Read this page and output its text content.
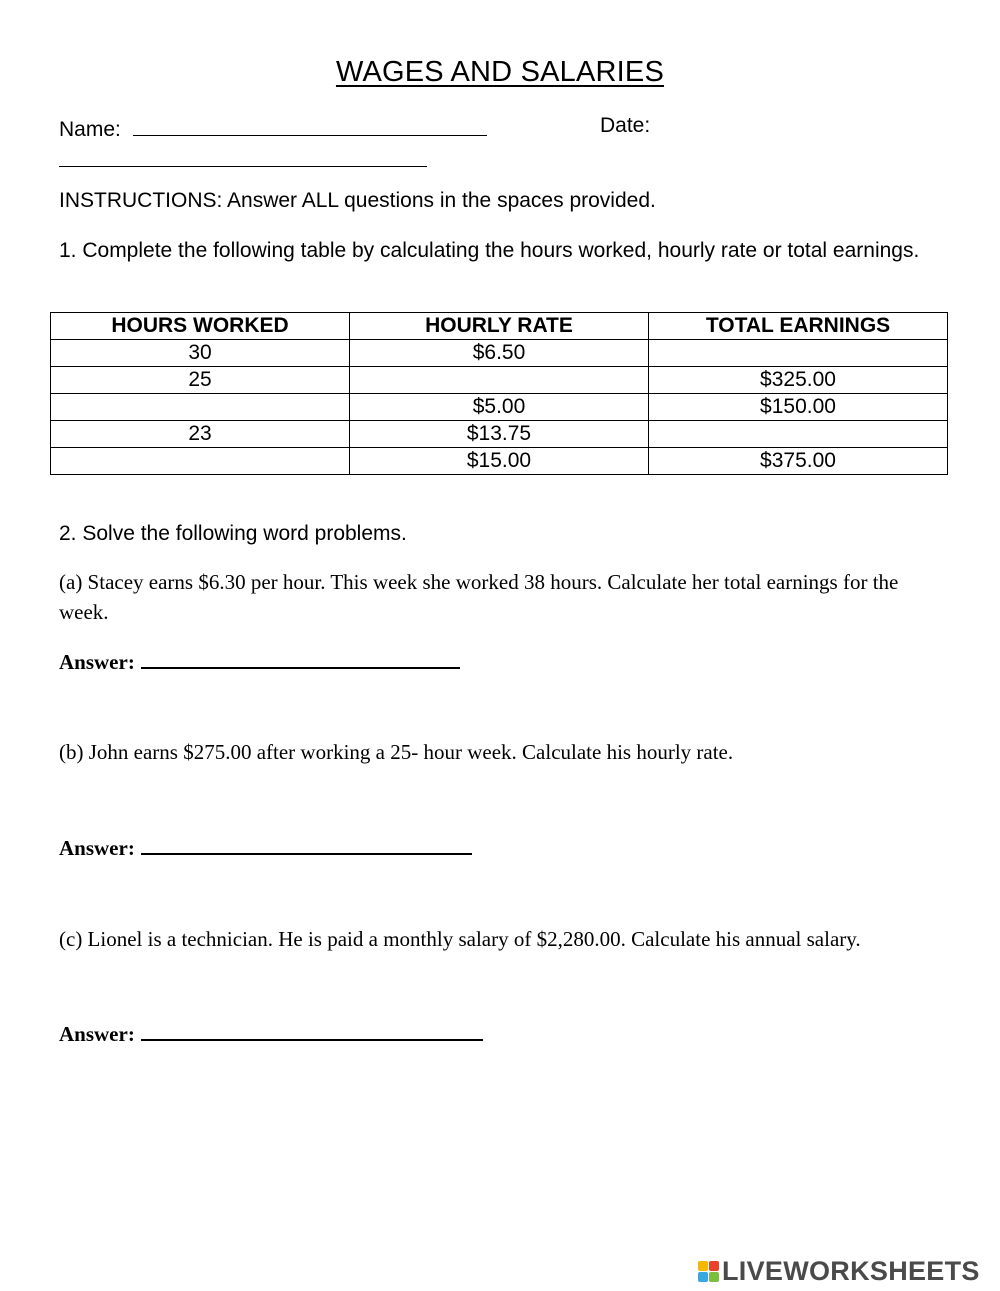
WAGES AND SALARIES
Name:	Date:
INSTRUCTIONS: Answer ALL questions in the spaces provided.
1. Complete the following table by calculating the hours worked, hourly rate or total earnings.
HOURS WORKED	HOURLY RATE	TOTAL EARNINGS
30	$6.50	
25		$325.00
	$5.00	$150.00
23	$13.75	
	$15.00	$375.00
2. Solve the following word problems.
(a) Stacey earns $6.30 per hour. This week she worked 38 hours. Calculate her total earnings for the week.
Answer:
(b) John earns $275.00 after working a 25- hour week. Calculate his hourly rate.
Answer:
(c) Lionel is a technician. He is paid a monthly salary of $2,280.00. Calculate his annual salary.
Answer:
LIVEWORKSHEETS
